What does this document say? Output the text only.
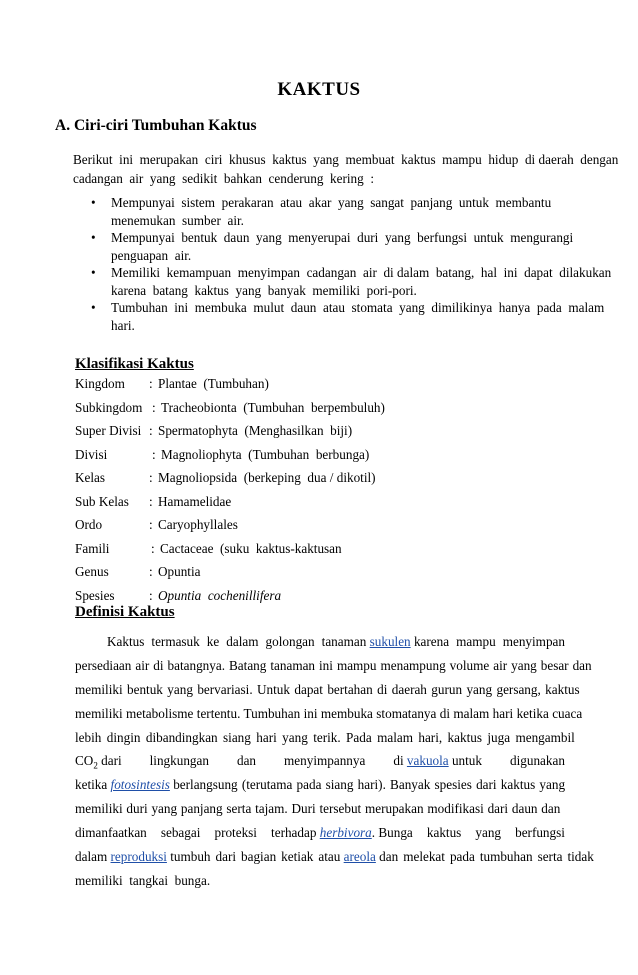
KAKTUS
A. Ciri-ciri Tumbuhan Kaktus
Berikut  ini  merupakan  ciri  khusus  kaktus  yang  membuat  kaktus  mampu  hidup  di daerah  dengan
cadangan  air  yang  sedikit  bahkan  cenderung  kering  :
• Mempunyai  sistem  perakaran  atau  akar  yang  sangat  panjang  untuk  membantu
menemukan  sumber  air.
• Mempunyai  bentuk  daun  yang  menyerupai  duri  yang  berfungsi  untuk  mengurangi
penguapan  air.
• Memiliki  kemampuan  menyimpan  cadangan  air  di dalam  batang,  hal  ini  dapat  dilakukan
karena  batang  kaktus  yang  banyak  memiliki  pori-pori.
• Tumbuhan  ini  membuka  mulut  daun  atau  stomata  yang  dimilikinya  hanya  pada  malam
hari.
Klasifikasi Kaktus
Kingdom : Plantae  (Tumbuhan)
Subkingdom : Tracheobionta  (Tumbuhan  berpembuluh)
Super Divisi : Spermatophyta  (Menghasilkan  biji)
Divisi	: Magnoliophyta  (Tumbuhan  berbunga)
Kelas	: Magnoliopsida  (berkeping  dua / dikotil)
Sub Kelas : Hamamelidae
Ordo	: Caryophyllales
Famili	: Cactaceae  (suku  kaktus-kaktusan
Genus	: Opuntia
Spesies	: Opuntia  cochenillifera
Definisi Kaktus
Kaktus termasuk ke dalam golongan tanaman sukulen karena mampu menyimpan
persediaan  air  di  batangnya.  Batang  tanaman  ini  mampu  menampung  volume  air  yang  besar  dan
memiliki  bentuk  yang  bervariasi.  Untuk  dapat  bertahan  di  daerah  gurun  yang  gersang,  kaktus
memiliki  metabolisme  tertentu.  Tumbuhan  ini  membuka  stomatanya  di  malam  hari  ketika  cuaca
lebih  dingin  dibandingkan  siang  hari  yang  terik.  Pada  malam  hari,  kaktus  juga  mengambil
$CO_2$ dari lingkungan dan menyimpannya di vakuola untuk digunakan
ketika fotosintesis berlangsung  (terutama  pada  siang  hari).  Banyak  spesies  dari  kaktus  yang
memiliki  duri  yang  panjang  serta  tajam.  Duri  tersebut  merupakan  modifikasi  dari  daun  dan
dimanfaatkan sebagai proteksi terhadap herbivora. Bunga kaktus yang berfungsi
dalam reproduksi tumbuh  dari  bagian  ketiak  atau areola dan  melekat  pada  tumbuhan  serta  tidak
memiliki  tangkai  bunga.
